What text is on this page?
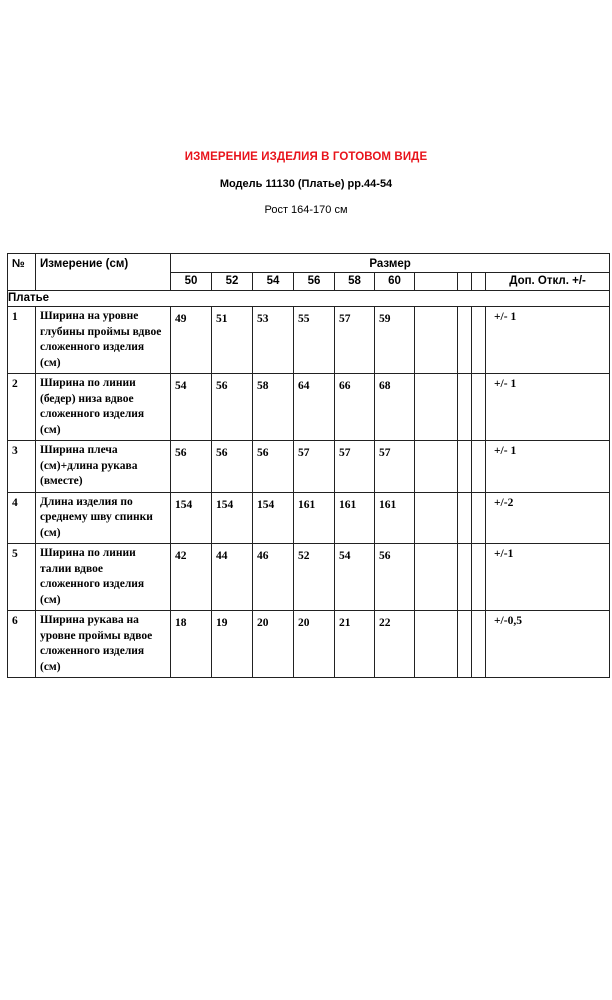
ИЗМЕРЕНИЕ ИЗДЕЛИЯ В ГОТОВОМ ВИДЕ
Модель 11130 (Платье) рр.44-54
Рост 164-170 см
№	Измерение (см)	Размер									
		50	52	54	56	58	60				Доп. Откл. +/-
Платье											
1	Ширина на уровне глубины проймы вдвое сложенного изделия (см)	49	51	53	55	57	59				+/- 1
2	Ширина по линии (бедер) низа вдвое сложенного изделия (см)	54	56	58	64	66	68				+/- 1
3	Ширина плеча (см)+длина рукава (вместе)	56	56	56	57	57	57				+/- 1
4	Длина изделия по среднему шву спинки (см)	154	154	154	161	161	161				+/-2
5	Ширина по линии талии вдвое сложенного изделия (см)	42	44	46	52	54	56				+/-1
6	Ширина рукава на уровне проймы вдвое сложенного изделия (см)	18	19	20	20	21	22				+/-0,5
